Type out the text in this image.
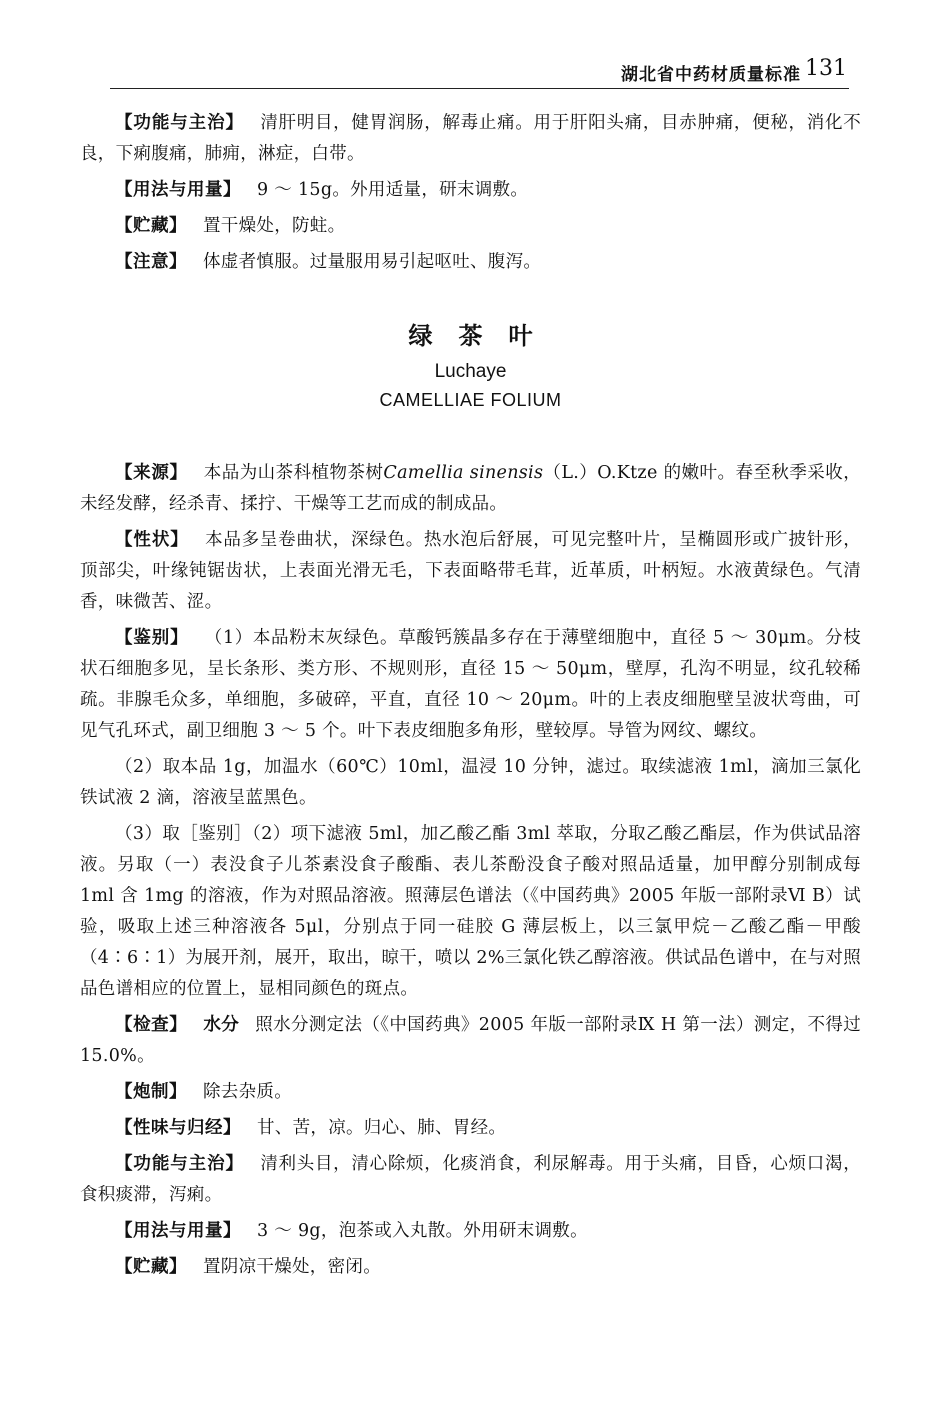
湖北省中药材质量标准 131

【功能与主治】 清肝明目，健胃润肠，解毒止痛。用于肝阳头痛，目赤肿痛，便秘，消化不良，下痢腹痛，肺痈，淋症，白带。

【用法与用量】 9 ～ 15g。外用适量，研末调敷。

【贮藏】 置干燥处，防蛀。

【注意】 体虚者慎服。过量服用易引起呕吐、腹泻。

绿茶叶
Luchaye
CAMELLIAE FOLIUM

【来源】 本品为山茶科植物茶树Camellia sinensis（L.）O.Ktze 的嫩叶。春至秋季采收，未经发酵，经杀青、揉拧、干燥等工艺而成的制成品。

【性状】 本品多呈卷曲状，深绿色。热水泡后舒展，可见完整叶片，呈椭圆形或广披针形，顶部尖，叶缘钝锯齿状，上表面光滑无毛，下表面略带毛茸，近革质，叶柄短。水液黄绿色。气清香，味微苦、涩。

【鉴别】 （1）本品粉末灰绿色。草酸钙簇晶多存在于薄壁细胞中，直径 5 ～ 30μm。分枝状石细胞多见，呈长条形、类方形、不规则形，直径 15 ～ 50μm，壁厚，孔沟不明显，纹孔较稀疏。非腺毛众多，单细胞，多破碎，平直，直径 10 ～ 20μm。叶的上表皮细胞壁呈波状弯曲，可见气孔环式，副卫细胞 3 ～ 5 个。叶下表皮细胞多角形，壁较厚。导管为网纹、螺纹。

（2）取本品 1g，加温水（60℃）10ml，温浸 10 分钟，滤过。取续滤液 1ml，滴加三氯化铁试液 2 滴，溶液呈蓝黑色。

（3）取［鉴别］（2）项下滤液 5ml，加乙酸乙酯 3ml 萃取，分取乙酸乙酯层，作为供试品溶液。另取（一）表没食子儿茶素没食子酸酯、表儿茶酚没食子酸对照品适量，加甲醇分别制成每 1ml 含 1mg 的溶液，作为对照品溶液。照薄层色谱法（《中国药典》2005 年版一部附录Ⅵ B）试验，吸取上述三种溶液各 5μl，分别点于同一硅胶 G 薄层板上，以三氯甲烷－乙酸乙酯－甲酸（4∶6∶1）为展开剂，展开，取出，晾干，喷以 2%三氯化铁乙醇溶液。供试品色谱中，在与对照品色谱相应的位置上，显相同颜色的斑点。

【检查】 水分 照水分测定法（《中国药典》2005 年版一部附录Ⅸ H 第一法）测定，不得过 15.0%。

【炮制】 除去杂质。

【性味与归经】 甘、苦，凉。归心、肺、胃经。

【功能与主治】 清利头目，清心除烦，化痰消食，利尿解毒。用于头痛，目昏，心烦口渴，食积痰滞，泻痢。

【用法与用量】 3 ～ 9g，泡茶或入丸散。外用研末调敷。

【贮藏】 置阴凉干燥处，密闭。
